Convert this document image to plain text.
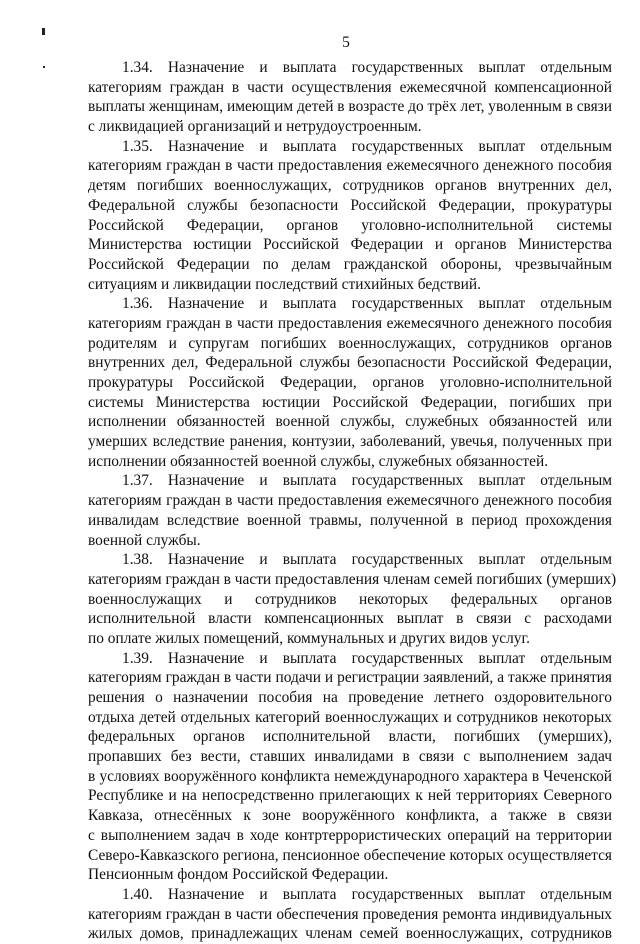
5
1.34. Назначение и выплата государственных выплат отдельным
категориям граждан в части осуществления ежемесячной компенсационной
выплаты женщинам, имеющим детей в возрасте до трёх лет, уволенным в связи
с ликвидацией организаций и нетрудоустроенным.
1.35. Назначение и выплата государственных выплат отдельным
категориям граждан в части предоставления ежемесячного денежного пособия
детям погибших военнослужащих, сотрудников органов внутренних дел,
Федеральной службы безопасности Российской Федерации, прокуратуры
Российской Федерации, органов уголовно-исполнительной системы
Министерства юстиции Российской Федерации и органов Министерства
Российской Федерации по делам гражданской обороны, чрезвычайным
ситуациям и ликвидации последствий стихийных бедствий.
1.36. Назначение и выплата государственных выплат отдельным
категориям граждан в части предоставления ежемесячного денежного пособия
родителям и супругам погибших военнослужащих, сотрудников органов
внутренних дел, Федеральной службы безопасности Российской Федерации,
прокуратуры Российской Федерации, органов уголовно-исполнительной
системы Министерства юстиции Российской Федерации, погибших при
исполнении обязанностей военной службы, служебных обязанностей или
умерших вследствие ранения, контузии, заболеваний, увечья, полученных при
исполнении обязанностей военной службы, служебных обязанностей.
1.37. Назначение и выплата государственных выплат отдельным
категориям граждан в части предоставления ежемесячного денежного пособия
инвалидам вследствие военной травмы, полученной в период прохождения
военной службы.
1.38. Назначение и выплата государственных выплат отдельным
категориям граждан в части предоставления членам семей погибших (умерших)
военнослужащих и сотрудников некоторых федеральных органов
исполнительной власти компенсационных выплат в связи с расходами
по оплате жилых помещений, коммунальных и других видов услуг.
1.39. Назначение и выплата государственных выплат отдельным
категориям граждан в части подачи и регистрации заявлений, а также принятия
решения о назначении пособия на проведение летнего оздоровительного
отдыха детей отдельных категорий военнослужащих и сотрудников некоторых
федеральных органов исполнительной власти, погибших (умерших),
пропавших без вести, ставших инвалидами в связи с выполнением задач
в условиях вооружённого конфликта немеждународного характера в Чеченской
Республике и на непосредственно прилегающих к ней территориях Северного
Кавказа, отнесённых к зоне вооружённого конфликта, а также в связи
с выполнением задач в ходе контртеррористических операций на территории
Северо-Кавказского региона, пенсионное обеспечение которых осуществляется
Пенсионным фондом Российской Федерации.
1.40. Назначение и выплата государственных выплат отдельным
категориям граждан в части обеспечения проведения ремонта индивидуальных
жилых домов, принадлежащих членам семей военнослужащих, сотрудников
